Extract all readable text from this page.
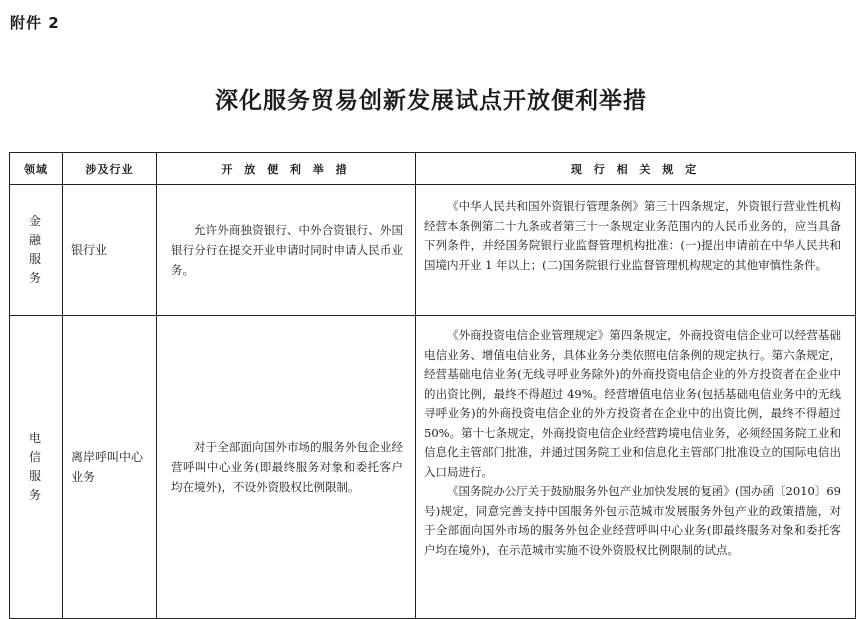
附件 2
深化服务贸易创新发展试点开放便利举措
领域	涉及行业	开 放 便 利 举 措	现 行 相 关 规 定

金融服务	银行业	允许外商独资银行、中外合资银行、外国银行分行在提交开业申请时同时申请人民币业务。	《中华人民共和国外资银行管理条例》第三十四条规定，外资银行营业性机构经营本条例第二十九条或者第三十一条规定业务范围内的人民币业务的，应当具备下列条件，并经国务院银行业监督管理机构批准：(一)提出申请前在中华人民共和国境内开业 1 年以上；(二)国务院银行业监督管理机构规定的其他审慎性条件。

电信服务	离岸呼叫中心业务	对于全部面向国外市场的服务外包企业经营呼叫中心业务(即最终服务对象和委托客户均在境外)，不设外资股权比例限制。	《外商投资电信企业管理规定》第四条规定，外商投资电信企业可以经营基础电信业务、增值电信业务，具体业务分类依照电信条例的规定执行。第六条规定，经营基础电信业务(无线寻呼业务除外)的外商投资电信企业的外方投资者在企业中的出资比例，最终不得超过 49%。经营增值电信业务(包括基础电信业务中的无线寻呼业务)的外商投资电信企业的外方投资者在企业中的出资比例，最终不得超过 50%。第十七条规定，外商投资电信企业经营跨境电信业务，必须经国务院工业和信息化主管部门批准，并通过国务院工业和信息化主管部门批准设立的国际电信出入口局进行。

《国务院办公厅关于鼓励服务外包产业加快发展的复函》(国办函〔2010〕69 号)规定，同意完善支持中国服务外包示范城市发展服务外包产业的政策措施，对于全部面向国外市场的服务外包企业经营呼叫中心业务(即最终服务对象和委托客户均在境外)，在示范城市实施不设外资股权比例限制的试点。
